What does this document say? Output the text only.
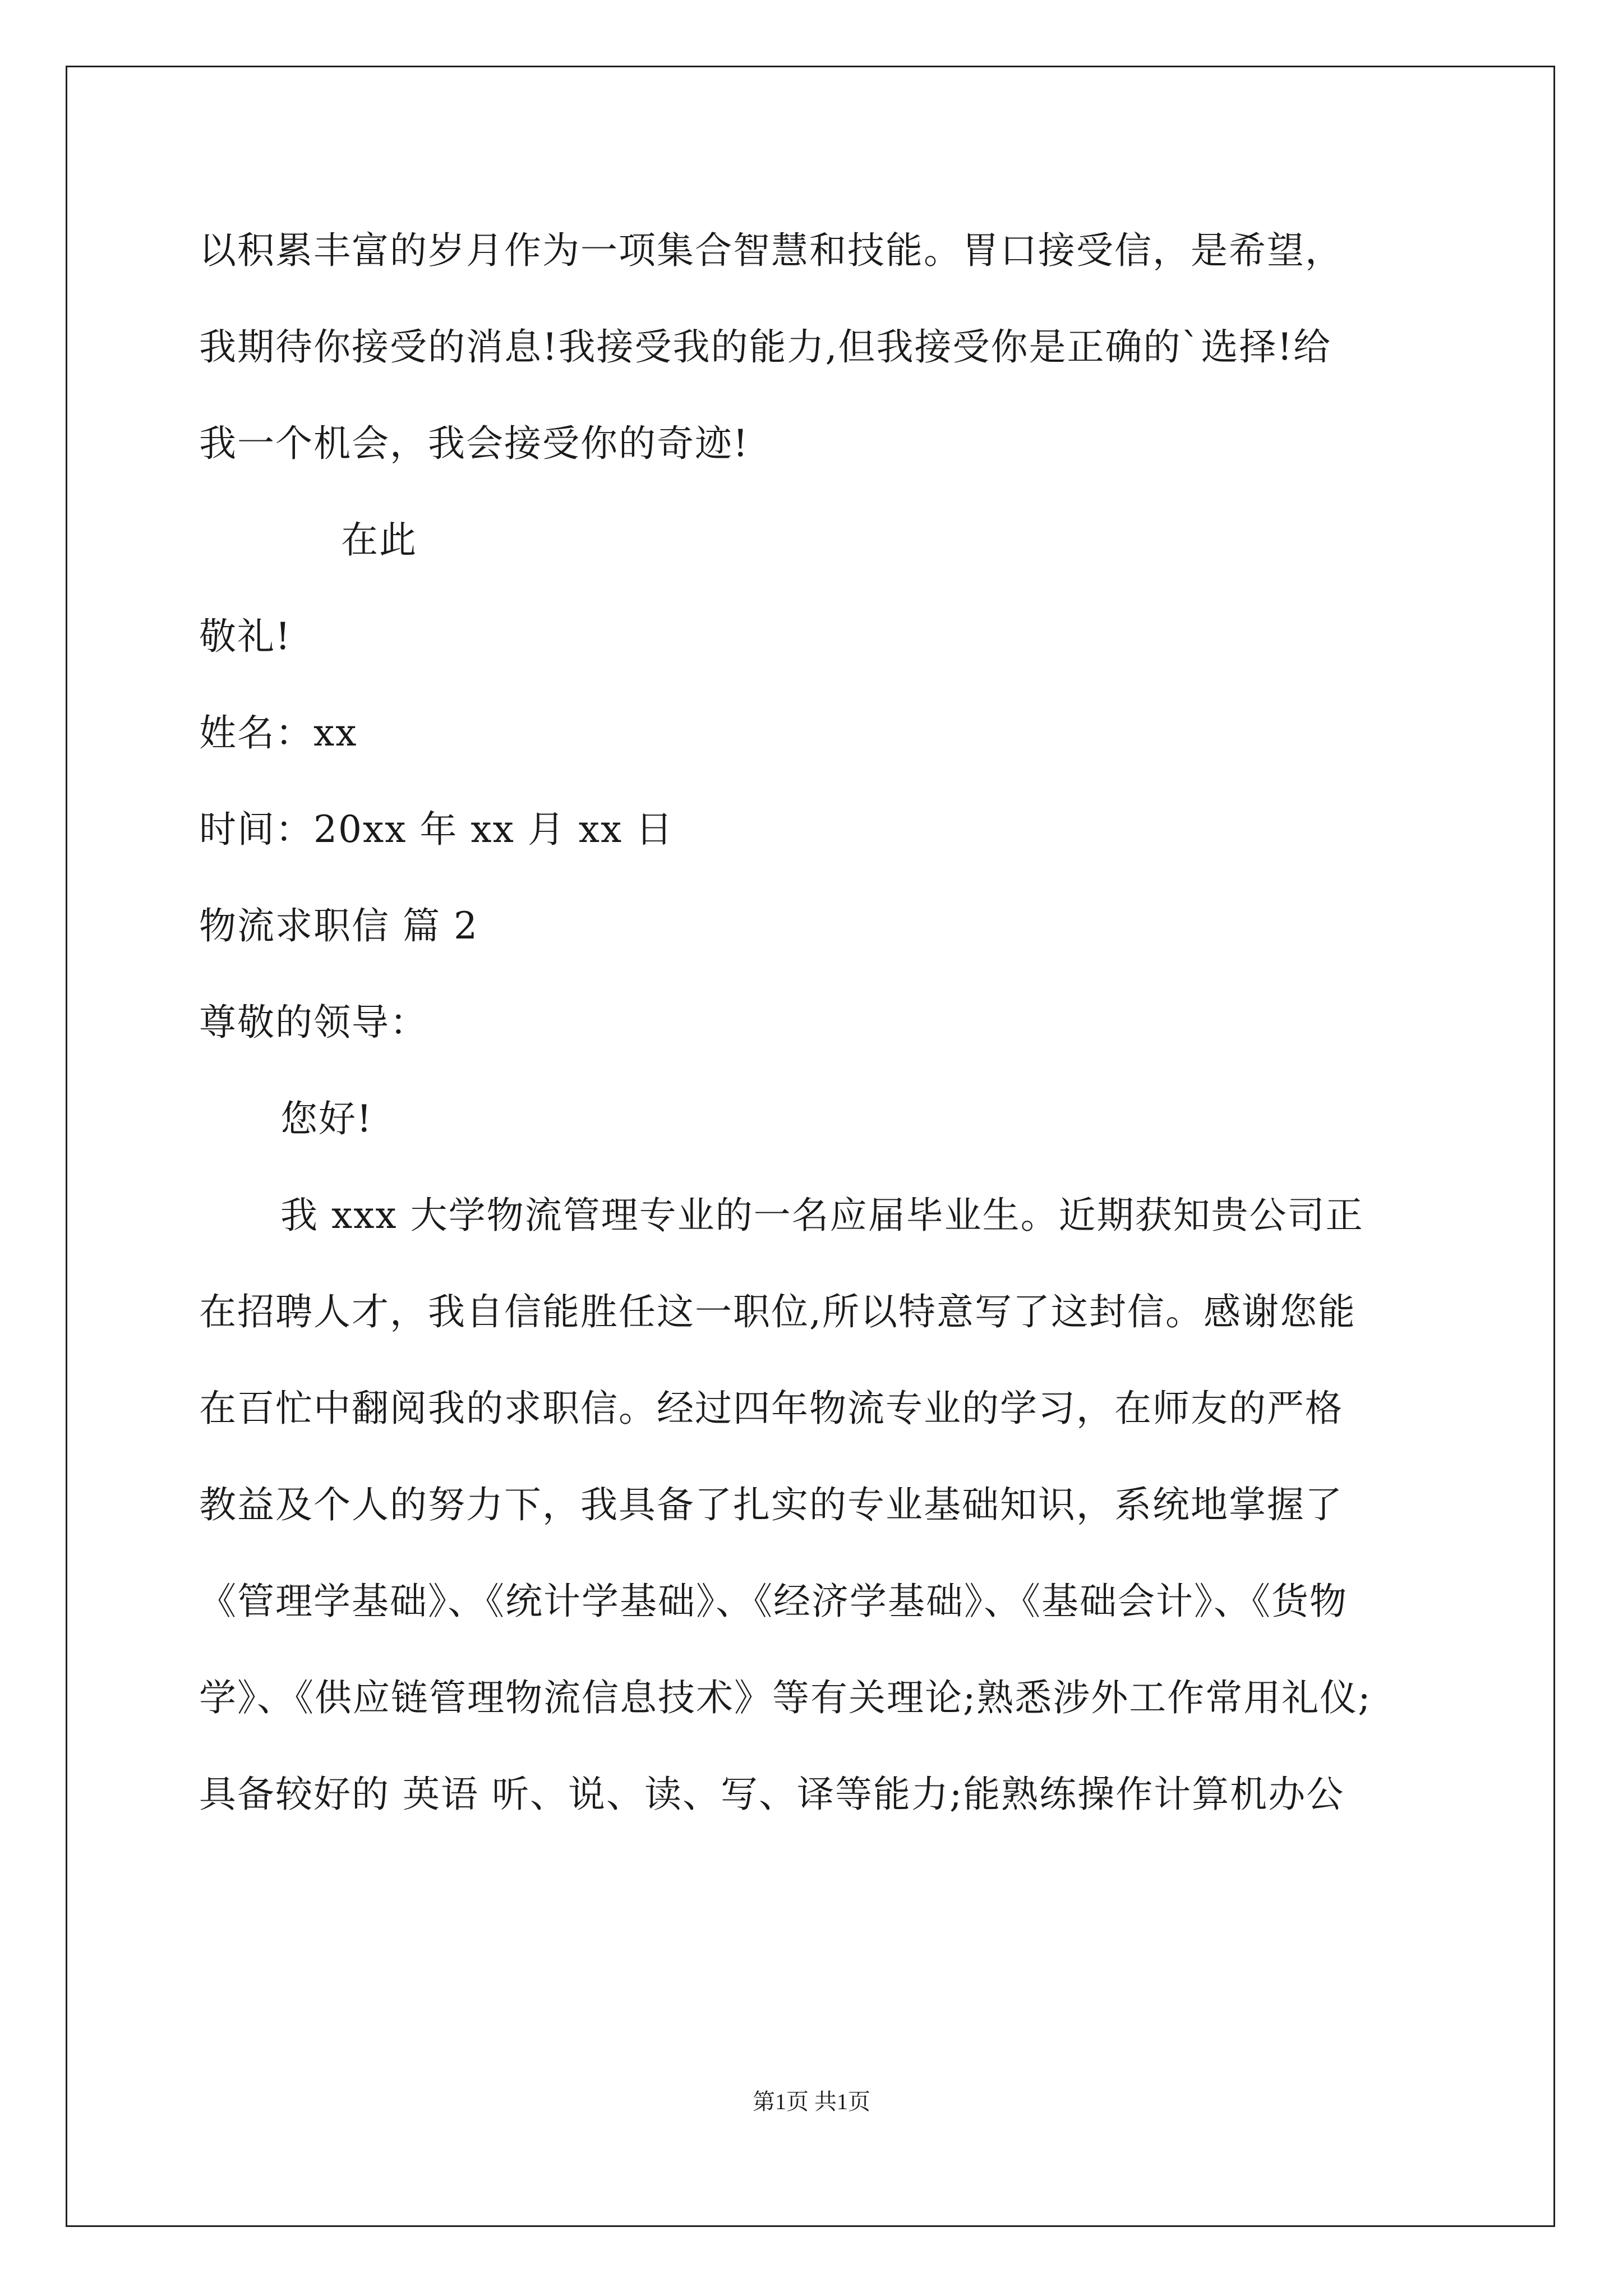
以积累丰富的岁月作为一项集合智慧和技能。胃口接受信，是希望，
我期待你接受的消息!我接受我的能力,但我接受你是正确的`选择!给
我一个机会，我会接受你的奇迹!
在此
敬礼!
姓名：xx
时间：20xx 年 xx 月 xx 日
物流求职信 篇 2
尊敬的领导：
您好!
我 xxx 大学物流管理专业的一名应届毕业生。近期获知贵公司正
在招聘人才，我自信能胜任这一职位,所以特意写了这封信。感谢您能
在百忙中翻阅我的求职信。经过四年物流专业的学习，在师友的严格
教益及个人的努力下，我具备了扎实的专业基础知识，系统地掌握了
《管理学基础》、《统计学基础》、《经济学基础》、《基础会计》、《货物
学》、《供应链管理物流信息技术》等有关理论;熟悉涉外工作常用礼仪;
具备较好的 英语 听、说、读、写、译等能力;能熟练操作计算机办公
第1页 共1页
